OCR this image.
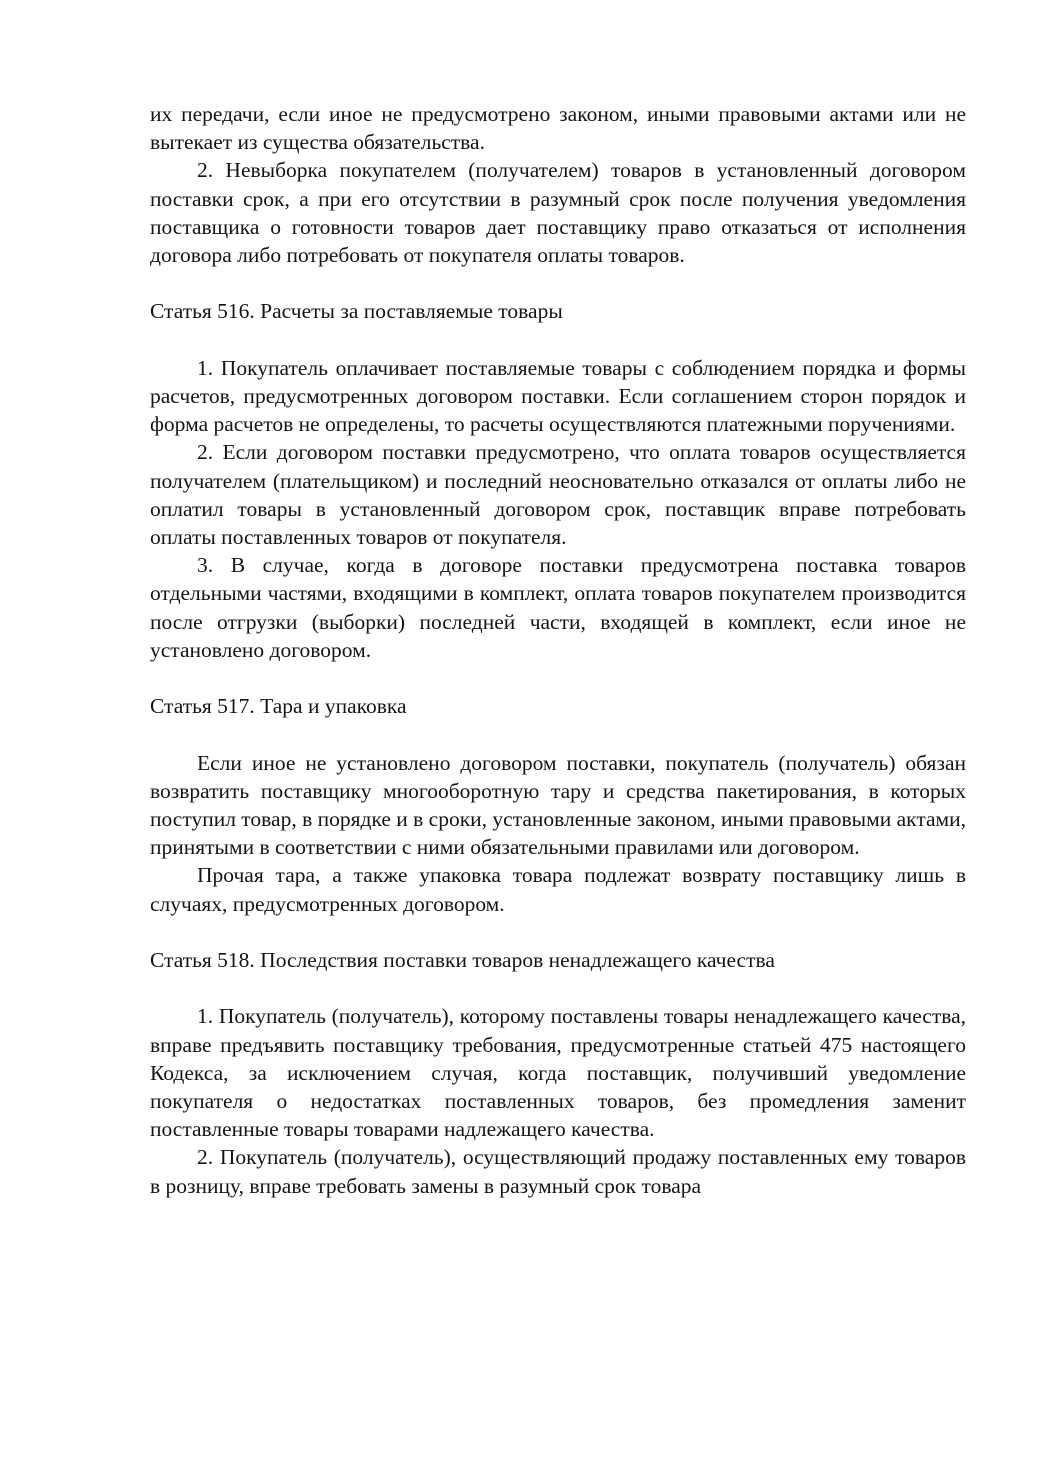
их передачи, если иное не предусмотрено законом, иными правовыми актами или не вытекает из существа обязательства.

2. Невыборка покупателем (получателем) товаров в установленный договором поставки срок, а при его отсутствии в разумный срок после получения уведомления поставщика о готовности товаров дает поставщику право отказаться от исполнения договора либо потребовать от покупателя оплаты товаров.

Статья 516. Расчеты за поставляемые товары

1. Покупатель оплачивает поставляемые товары с соблюдением порядка и формы расчетов, предусмотренных договором поставки. Если соглашением сторон порядок и форма расчетов не определены, то расчеты осуществляются платежными поручениями.

2. Если договором поставки предусмотрено, что оплата товаров осуществляется получателем (плательщиком) и последний неосновательно отказался от оплаты либо не оплатил товары в установленный договором срок, поставщик вправе потребовать оплаты поставленных товаров от покупателя.

3. В случае, когда в договоре поставки предусмотрена поставка товаров отдельными частями, входящими в комплект, оплата товаров покупателем производится после отгрузки (выборки) последней части, входящей в комплект, если иное не установлено договором.

Статья 517. Тара и упаковка

Если иное не установлено договором поставки, покупатель (получатель) обязан возвратить поставщику многооборотную тару и средства пакетирования, в которых поступил товар, в порядке и в сроки, установленные законом, иными правовыми актами, принятыми в соответствии с ними обязательными правилами или договором.

Прочая тара, а также упаковка товара подлежат возврату поставщику лишь в случаях, предусмотренных договором.

Статья 518. Последствия поставки товаров ненадлежащего качества

1. Покупатель (получатель), которому поставлены товары ненадлежащего качества, вправе предъявить поставщику требования, предусмотренные статьей 475 настоящего Кодекса, за исключением случая, когда поставщик, получивший уведомление покупателя о недостатках поставленных товаров, без промедления заменит поставленные товары товарами надлежащего качества.

2. Покупатель (получатель), осуществляющий продажу поставленных ему товаров в розницу, вправе требовать замены в разумный срок товара
